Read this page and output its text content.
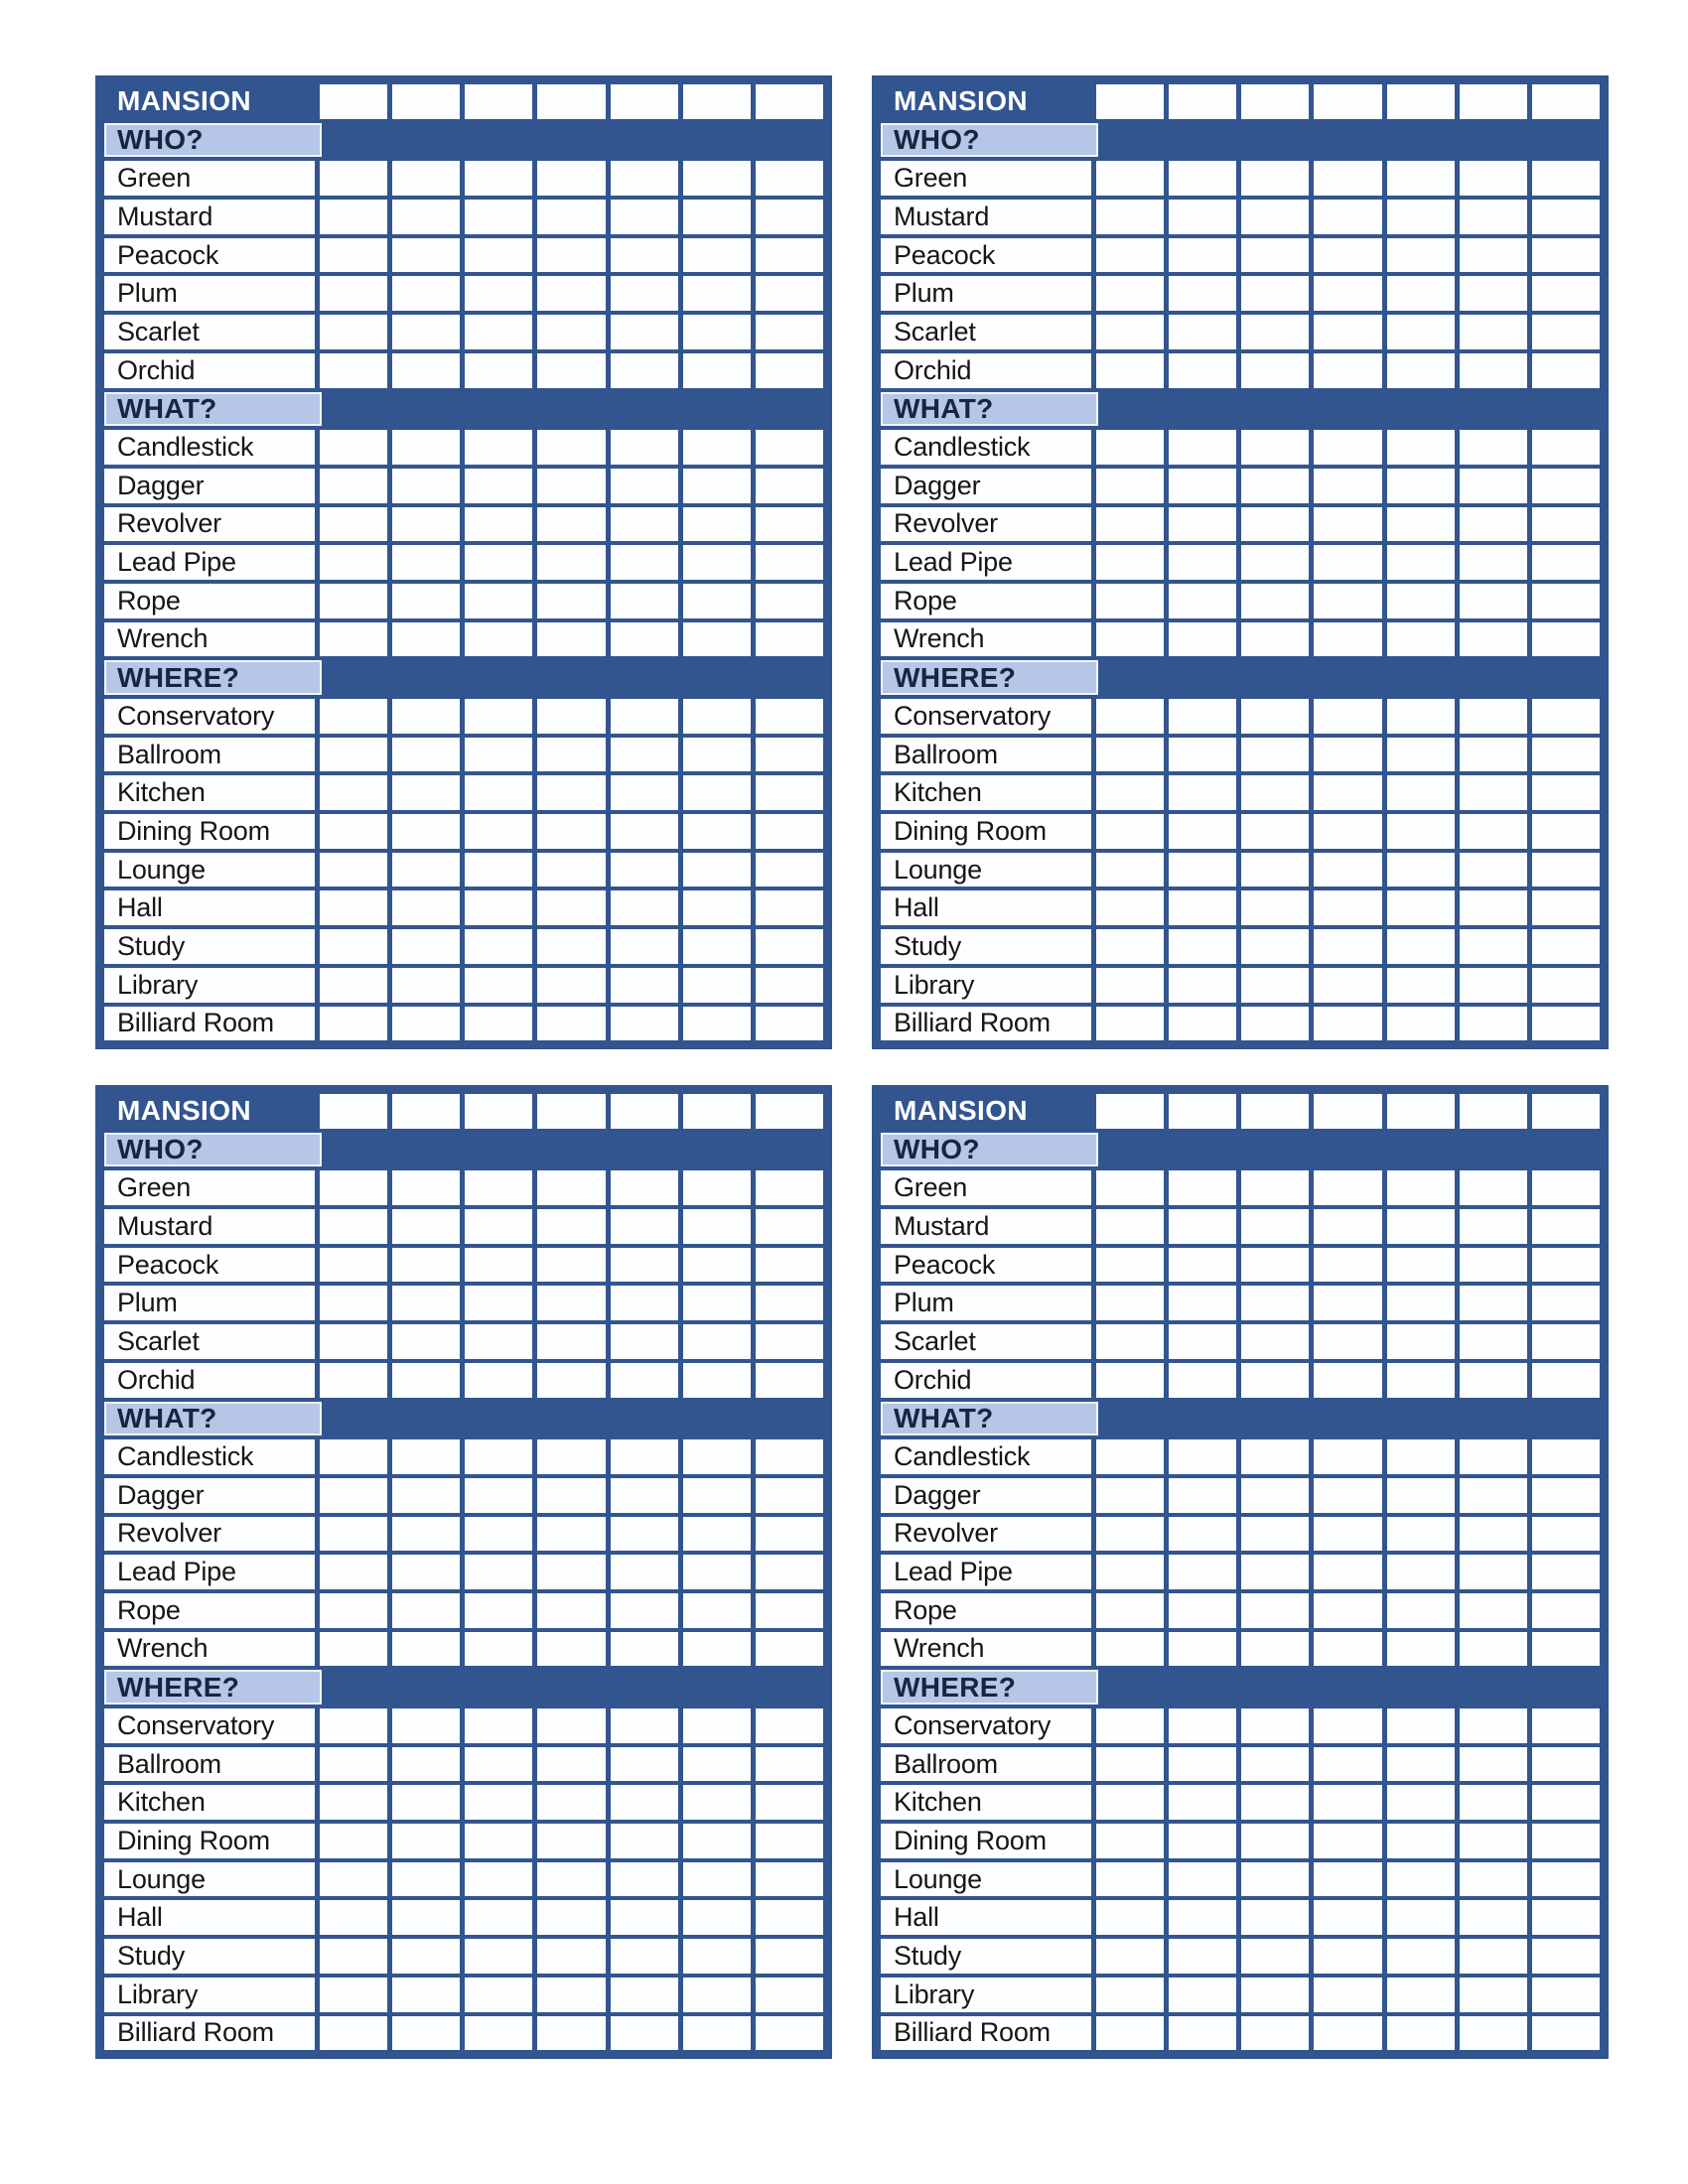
MANSION
WHO?
Green
Mustard
Peacock
Plum
Scarlet
Orchid
WHAT?
Candlestick
Dagger
Revolver
Lead Pipe
Rope
Wrench
WHERE?
Conservatory
Ballroom
Kitchen
Dining Room
Lounge
Hall
Study
Library
Billiard Room
MANSION
WHO?
Green
Mustard
Peacock
Plum
Scarlet
Orchid
WHAT?
Candlestick
Dagger
Revolver
Lead Pipe
Rope
Wrench
WHERE?
Conservatory
Ballroom
Kitchen
Dining Room
Lounge
Hall
Study
Library
Billiard Room
MANSION
WHO?
Green
Mustard
Peacock
Plum
Scarlet
Orchid
WHAT?
Candlestick
Dagger
Revolver
Lead Pipe
Rope
Wrench
WHERE?
Conservatory
Ballroom
Kitchen
Dining Room
Lounge
Hall
Study
Library
Billiard Room
MANSION
WHO?
Green
Mustard
Peacock
Plum
Scarlet
Orchid
WHAT?
Candlestick
Dagger
Revolver
Lead Pipe
Rope
Wrench
WHERE?
Conservatory
Ballroom
Kitchen
Dining Room
Lounge
Hall
Study
Library
Billiard Room
